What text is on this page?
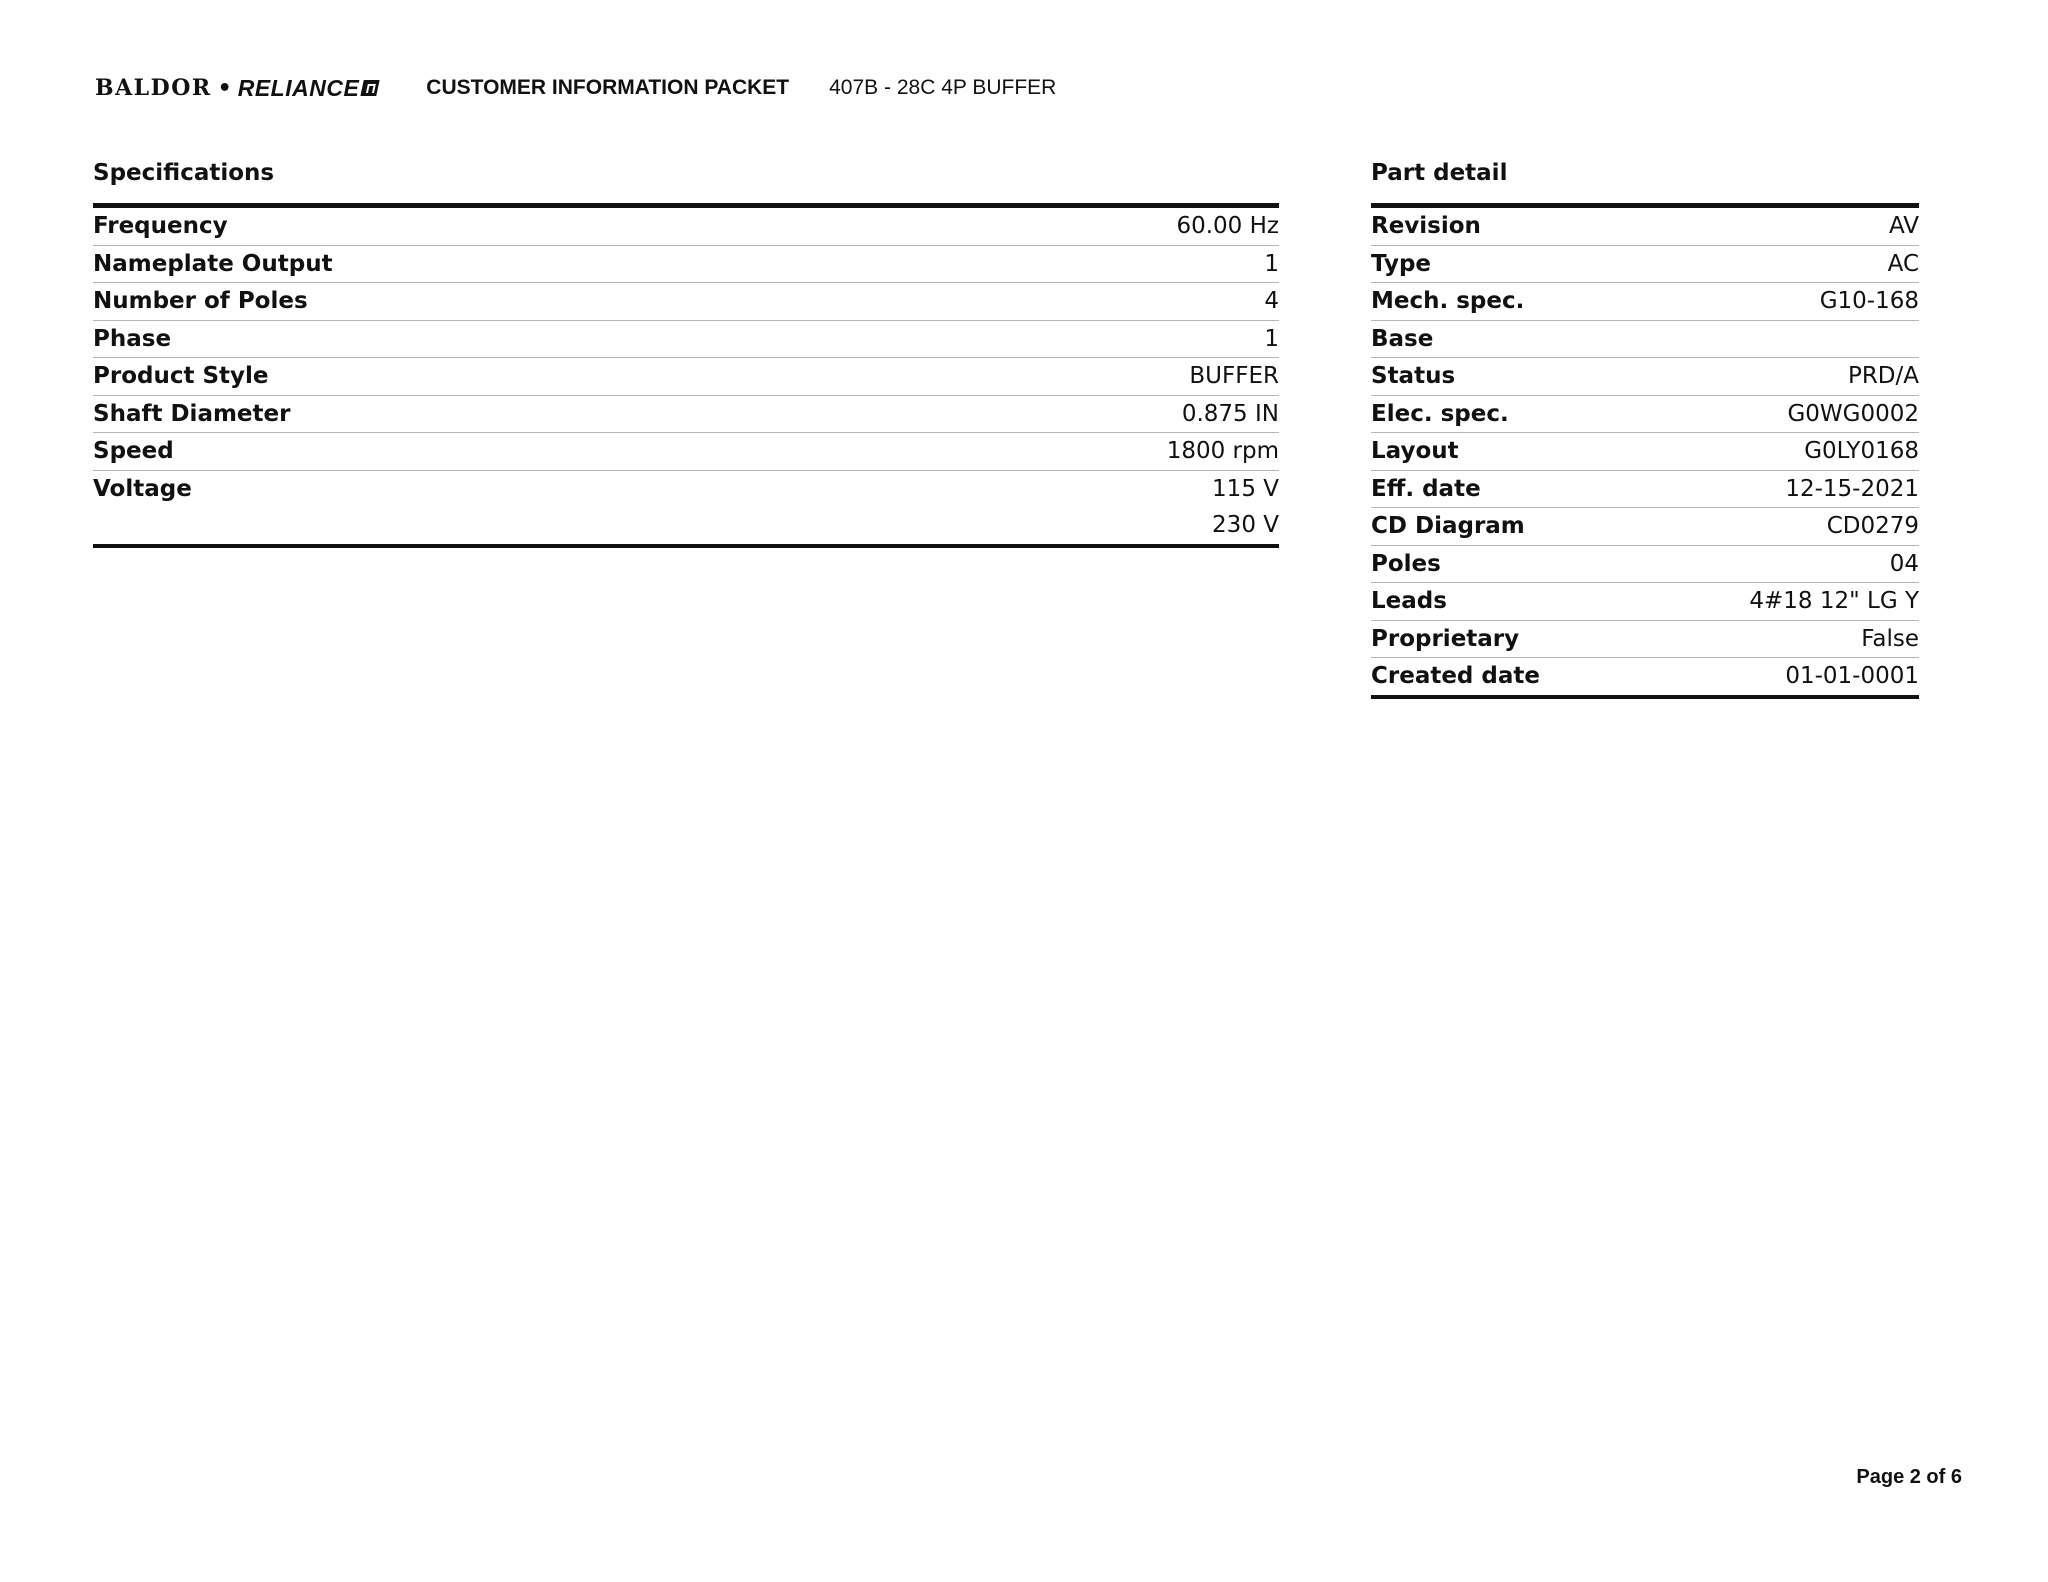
BALDOR • RELIANCE	CUSTOMER INFORMATION PACKET 407B - 28C 4P BUFFER
Specifications
Frequency	60.00 Hz
Nameplate Output	1
Number of Poles	4
Phase	1
Product Style	BUFFER
Shaft Diameter	0.875 IN
Speed	1800 rpm
Voltage	115 V
230 V
Part detail
Revision	AV
Type	AC
Mech. spec.	G10-168
Base
Status	PRD/A
Elec. spec.	G0WG0002
Layout	G0LY0168
Eff. date	12-15-2021
CD Diagram	CD0279
Poles	04
Leads	4#18 12" LG Y
Proprietary	False
Created date	01-01-0001
Page 2 of 6
